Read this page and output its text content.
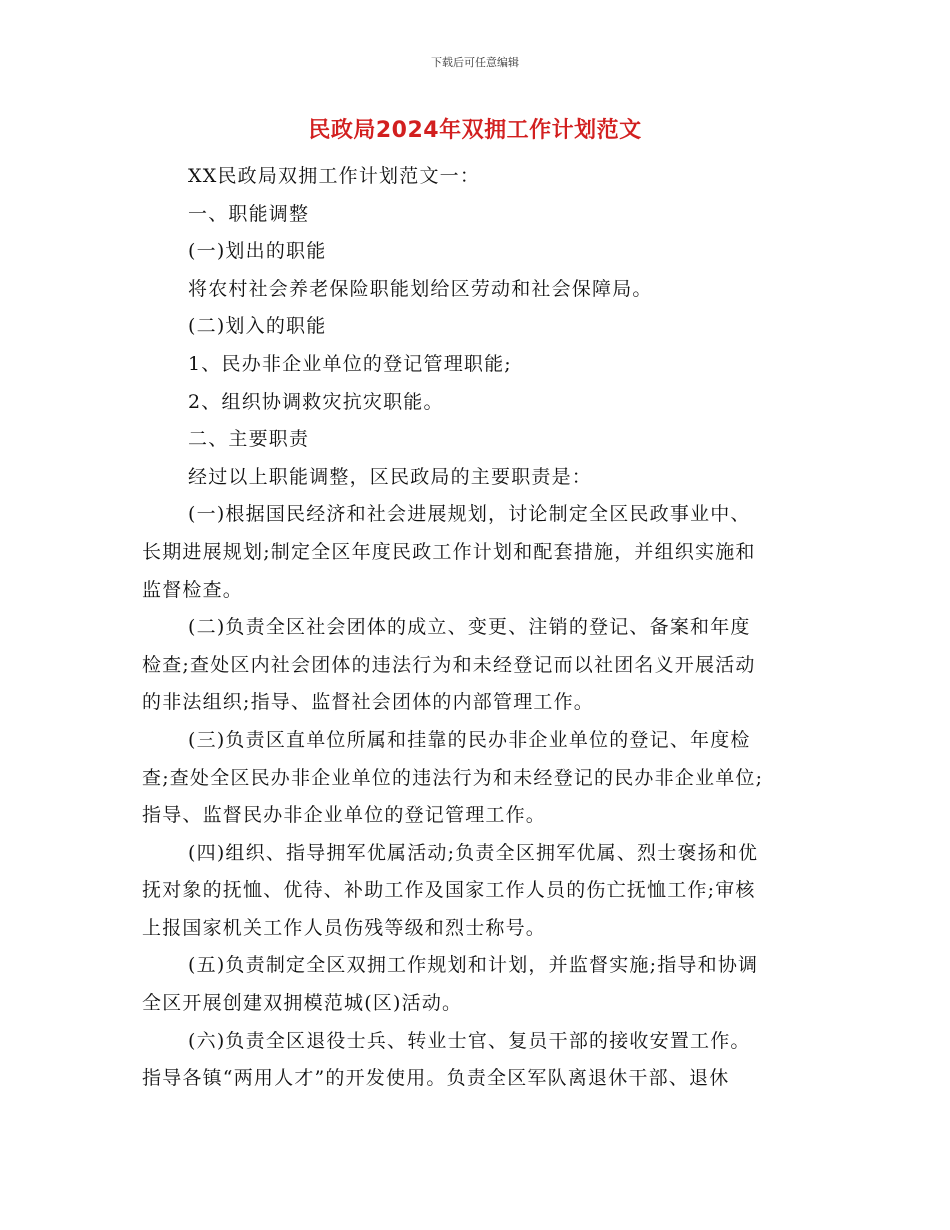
下载后可任意编辑
民政局2024年双拥工作计划范文
XX民政局双拥工作计划范文一：
一、职能调整
(一)划出的职能
将农村社会养老保险职能划给区劳动和社会保障局。
(二)划入的职能
1、民办非企业单位的登记管理职能;
2、组织协调救灾抗灾职能。
二、主要职责
经过以上职能调整，区民政局的主要职责是：
(一)根据国民经济和社会进展规划，讨论制定全区民政事业中、
长期进展规划;制定全区年度民政工作计划和配套措施，并组织实施和
监督检查。
(二)负责全区社会团体的成立、变更、注销的登记、备案和年度
检查;查处区内社会团体的违法行为和未经登记而以社团名义开展活动
的非法组织;指导、监督社会团体的内部管理工作。
(三)负责区直单位所属和挂靠的民办非企业单位的登记、年度检
查;查处全区民办非企业单位的违法行为和未经登记的民办非企业单位;
指导、监督民办非企业单位的登记管理工作。
(四)组织、指导拥军优属活动;负责全区拥军优属、烈士褒扬和优
抚对象的抚恤、优待、补助工作及国家工作人员的伤亡抚恤工作;审核
上报国家机关工作人员伤残等级和烈士称号。
(五)负责制定全区双拥工作规划和计划，并监督实施;指导和协调
全区开展创建双拥模范城(区)活动。
(六)负责全区退役士兵、转业士官、复员干部的接收安置工作。
指导各镇“两用人才”的开发使用。负责全区军队离退休干部、退休
